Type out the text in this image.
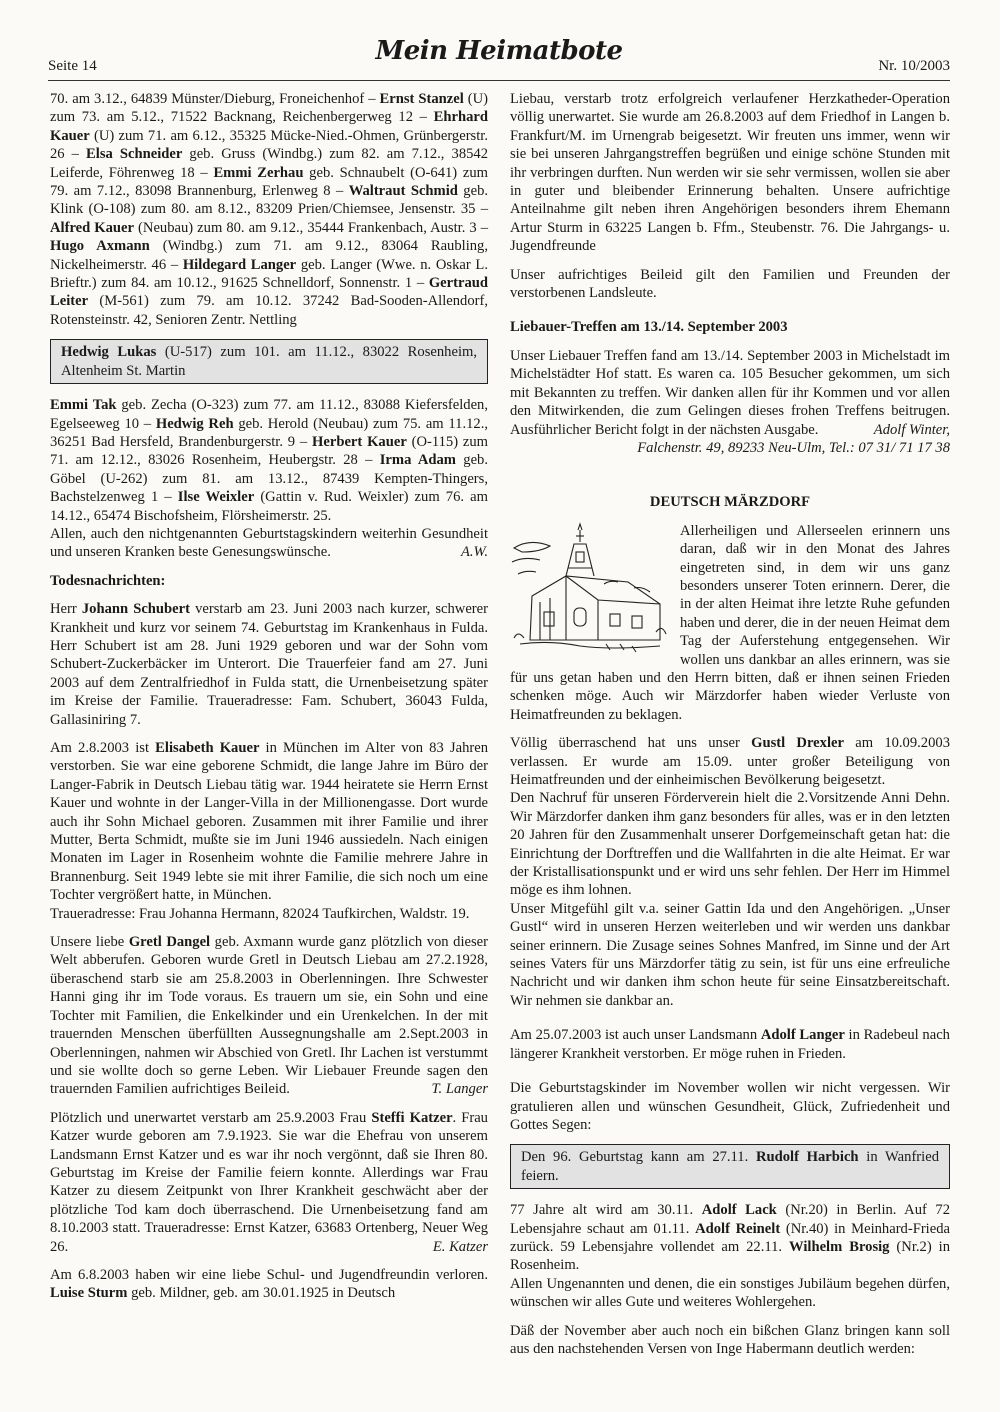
Seite 14	Mein Heimatbote	Nr. 10/2003

70. am 3.12., 64839 Münster/Dieburg, Froneichenhof – Ernst Stanzel (U) zum 73. am 5.12., 71522 Backnang, Reichenbergerweg 12 – Ehrhard Kauer (U) zum 71. am 6.12., 35325 Mücke-Nied.-Ohmen, Grünbergerstr. 26 – Elsa Schneider geb. Gruss (Windbg.) zum 82. am 7.12., 38542 Leiferde, Föhrenweg 18 – Emmi Zerhau geb. Schnaubelt (O-641) zum 79. am 7.12., 83098 Brannenburg, Erlenweg 8 – Waltraut Schmid geb. Klink (O-108) zum 80. am 8.12., 83209 Prien/Chiemsee, Jensenstr. 35 – Alfred Kauer (Neubau) zum 80. am 9.12., 35444 Frankenbach, Austr. 3 – Hugo Axmann (Windbg.) zum 71. am 9.12., 83064 Raubling, Nickelheimerstr. 46 – Hildegard Langer geb. Langer (Wwe. n. Oskar L. Brieftr.) zum 84. am 10.12., 91625 Schnelldorf, Sonnenstr. 1 – Gertraud Leiter (M-561) zum 79. am 10.12. 37242 Bad-Sooden-Allendorf, Rotensteinstr. 42, Senioren Zentr. Nettling

Hedwig Lukas (U-517) zum 101. am 11.12., 83022 Rosenheim, Altenheim St. Martin

Emmi Tak geb. Zecha (O-323) zum 77. am 11.12., 83088 Kiefersfelden, Egelseeweg 10 – Hedwig Reh geb. Herold (Neubau) zum 75. am 11.12., 36251 Bad Hersfeld, Brandenburgerstr. 9 – Herbert Kauer (O-115) zum 71. am 12.12., 83026 Rosenheim, Heubergstr. 28 – Irma Adam geb. Göbel (U-262) zum 81. am 13.12., 87439 Kempten-Thingers, Bachstelzenweg 1 – Ilse Weixler (Gattin v. Rud. Weixler) zum 76. am 14.12., 65474 Bischofsheim, Flörsheimerstr. 25.

Allen, auch den nichtgenannten Geburtstagskindern weiterhin Gesundheit und unseren Kranken beste Genesungswünsche.	A.W.

Todesnachrichten:

Herr Johann Schubert verstarb am 23. Juni 2003 nach kurzer, schwerer Krankheit und kurz vor seinem 74. Geburtstag im Krankenhaus in Fulda. Herr Schubert ist am 28. Juni 1929 geboren und war der Sohn vom Schubert-Zuckerbäcker im Unterort. Die Trauerfeier fand am 27. Juni 2003 auf dem Zentralfriedhof in Fulda statt, die Urnenbeisetzung später im Kreise der Familie. Traueradresse: Fam. Schubert, 36043 Fulda, Gallasiniring 7.

Am 2.8.2003 ist Elisabeth Kauer in München im Alter von 83 Jahren verstorben. Sie war eine geborene Schmidt, die lange Jahre im Büro der Langer-Fabrik in Deutsch Liebau tätig war. 1944 heiratete sie Herrn Ernst Kauer und wohnte in der Langer-Villa in der Millionengasse. Dort wurde auch ihr Sohn Michael geboren. Zusammen mit ihrer Familie und ihrer Mutter, Berta Schmidt, mußte sie im Juni 1946 aussiedeln. Nach einigen Monaten im Lager in Rosenheim wohnte die Familie mehrere Jahre in Brannenburg. Seit 1949 lebte sie mit ihrer Familie, die sich noch um eine Tochter vergrößert hatte, in München.

Traueradresse: Frau Johanna Hermann, 82024 Taufkirchen, Waldstr. 19.

Unsere liebe Gretl Dangel geb. Axmann wurde ganz plötzlich von dieser Welt abberufen. Geboren wurde Gretl in Deutsch Liebau am 27.2.1928, überaschend starb sie am 25.8.2003 in Oberlenningen. Ihre Schwester Hanni ging ihr im Tode voraus. Es trauern um sie, ein Sohn und eine Tochter mit Familien, die Enkelkinder und ein Urenkelchen. In der mit trauernden Menschen überfüllten Aussegnungshalle am 2.Sept.2003 in Oberlenningen, nahmen wir Abschied von Gretl. Ihr Lachen ist verstummt und sie wollte doch so gerne Leben. Wir Liebauer Freunde sagen den trauernden Familien aufrichtiges Beileid.	T. Langer

Plötzlich und unerwartet verstarb am 25.9.2003 Frau Steffi Katzer. Frau Katzer wurde geboren am 7.9.1923. Sie war die Ehefrau von unserem Landsmann Ernst Katzer und es war ihr noch vergönnt, daß sie Ihren 80. Geburtstag im Kreise der Familie feiern konnte. Allerdings war Frau Katzer zu diesem Zeitpunkt von Ihrer Krankheit geschwächt aber der plötzliche Tod kam doch überraschend. Die Urnenbeisetzung fand am 8.10.2003 statt. Traueradresse: Ernst Katzer, 63683 Ortenberg, Neuer Weg 26.	E. Katzer

Am 6.8.2003 haben wir eine liebe Schul- und Jugendfreundin verloren. Luise Sturm geb. Mildner, geb. am 30.01.1925 in Deutsch

Liebau, verstarb trotz erfolgreich verlaufener Herzkatheder-Operation völlig unerwartet. Sie wurde am 26.8.2003 auf dem Friedhof in Langen b. Frankfurt/M. im Urnengrab beigesetzt. Wir freuten uns immer, wenn wir sie bei unseren Jahrgangstreffen begrüßen und einige schöne Stunden mit ihr verbringen durften. Nun werden wir sie sehr vermissen, wollen sie aber in guter und bleibender Erinnerung behalten. Unsere aufrichtige Anteilnahme gilt neben ihren Angehörigen besonders ihrem Ehemann Artur Sturm in 63225 Langen b. Ffm., Steubenstr. 76. Die Jahrgangs- u. Jugendfreunde

Unser aufrichtiges Beileid gilt den Familien und Freunden der verstorbenen Landsleute.

Liebauer-Treffen am 13./14. September 2003

Unser Liebauer Treffen fand am 13./14. September 2003 in Michelstadt im Michelstädter Hof statt. Es waren ca. 105 Besucher gekommen, um sich mit Bekannten zu treffen. Wir danken allen für ihr Kommen und vor allen den Mitwirkenden, die zum Gelingen dieses frohen Treffens beitrugen. Ausführlicher Bericht folgt in der nächsten Ausgabe.	Adolf Winter,

Falchenstr. 49, 89233 Neu-Ulm, Tel.: 07 31/ 71 17 38
DEUTSCH MÄRZDORF

Allerheiligen und Allerseelen erinnern uns daran, daß wir in den Monat des Jahres eingetreten sind, in dem wir uns ganz besonders unserer Toten erinnern. Derer, die in der alten Heimat ihre letzte Ruhe gefunden haben und derer, die in der neuen Heimat dem Tag der Auferstehung entgegensehen. Wir wollen uns dankbar an alles erinnern, was sie für uns getan haben und den Herrn bitten, daß er ihnen seinen Frieden schenken möge. Auch wir Märzdorfer haben wieder Verluste von Heimatfreunden zu beklagen.

Völlig überraschend hat uns unser Gustl Drexler am 10.09.2003 verlassen. Er wurde am 15.09. unter großer Beteiligung von Heimatfreunden und der einheimischen Bevölkerung beigesetzt.

Den Nachruf für unseren Förderverein hielt die 2.Vorsitzende Anni Dehn. Wir Märzdorfer danken ihm ganz besonders für alles, was er in den letzten 20 Jahren für den Zusammenhalt unserer Dorfgemeinschaft getan hat: die Einrichtung der Dorftreffen und die Wallfahrten in die alte Heimat. Er war der Kristallisationspunkt und er wird uns sehr fehlen. Der Herr im Himmel möge es ihm lohnen.

Unser Mitgefühl gilt v.a. seiner Gattin Ida und den Angehörigen. „Unser Gustl“ wird in unseren Herzen weiterleben und wir werden uns dankbar seiner erinnern. Die Zusage seines Sohnes Manfred, im Sinne und der Art seines Vaters für uns Märzdorfer tätig zu sein, ist für uns eine erfreuliche Nachricht und wir danken ihm schon heute für seine Einsatzbereitschaft. Wir nehmen sie dankbar an.

Am 25.07.2003 ist auch unser Landsmann Adolf Langer in Radebeul nach längerer Krankheit verstorben. Er möge ruhen in Frieden.

Die Geburtstagskinder im November wollen wir nicht vergessen. Wir gratulieren allen und wünschen Gesundheit, Glück, Zufriedenheit und Gottes Segen:

Den 96. Geburtstag kann am 27.11. Rudolf Harbich in Wanfried feiern.

77 Jahre alt wird am 30.11. Adolf Lack (Nr.20) in Berlin. Auf 72 Lebensjahre schaut am 01.11. Adolf Reinelt (Nr.40) in Meinhard-Frieda zurück. 59 Lebensjahre vollendet am 22.11. Wilhelm Brosig (Nr.2) in Rosenheim.

Allen Ungenannten und denen, die ein sonstiges Jubiläum begehen dürfen, wünschen wir alles Gute und weiteres Wohlergehen.

Däß der November aber auch noch ein bißchen Glanz bringen kann soll aus den nachstehenden Versen von Inge Habermann deutlich werden:
